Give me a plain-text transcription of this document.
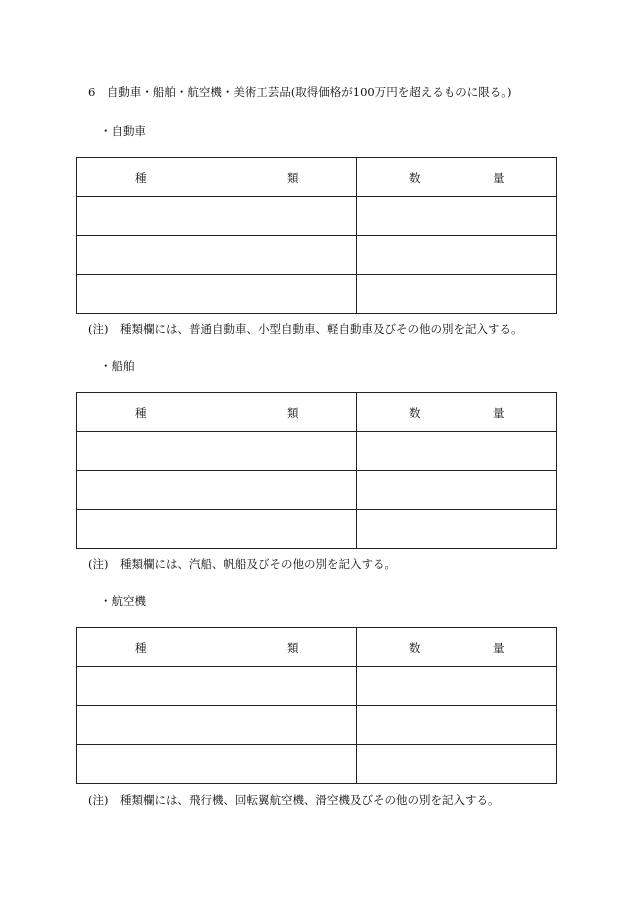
6　自動車・船舶・航空機・美術工芸品(取得価格が100万円を超えるものに限る。)
・自動車
種 類	数 量

(注)　種類欄には、普通自動車、小型自動車、軽自動車及びその他の別を記入する。
・船舶
種 類	数 量

(注)　種類欄には、汽船、帆船及びその他の別を記入する。
・航空機
種 類	数 量

(注)　種類欄には、飛行機、回転翼航空機、滑空機及びその他の別を記入する。
